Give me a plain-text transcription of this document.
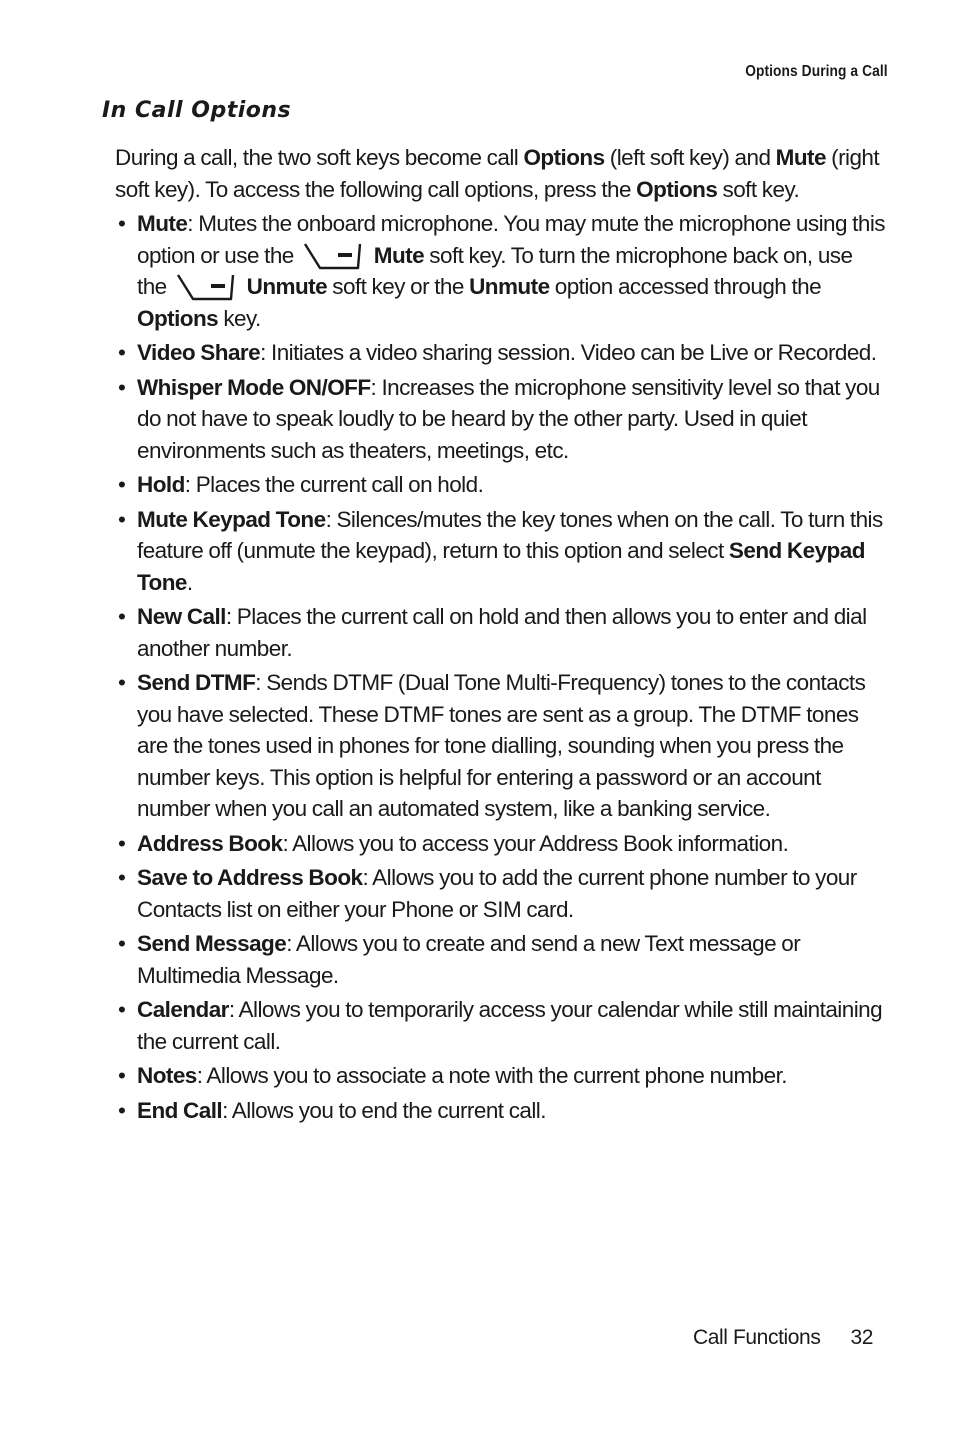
Options During a Call
In Call Options

During a call, the two soft keys become call Options (left soft key) and Mute (right soft key). To access the following call options, press the Options soft key.

• Mute: Mutes the onboard microphone. You may mute the microphone using this option or use the	Mute soft key. To turn the microphone back on, use the	Unmute soft key or the Unmute option accessed through the Options key.
• Video Share: Initiates a video sharing session. Video can be Live or Recorded.
• Whisper Mode ON/OFF: Increases the microphone sensitivity level so that you do not have to speak loudly to be heard by the other party. Used in quiet environments such as theaters, meetings, etc.
• Hold: Places the current call on hold.
• Mute Keypad Tone: Silences/mutes the key tones when on the call. To turn this feature off (unmute the keypad), return to this option and select Send Keypad Tone.
• New Call: Places the current call on hold and then allows you to enter and dial another number.
• Send DTMF: Sends DTMF (Dual Tone Multi-Frequency) tones to the contacts you have selected. These DTMF tones are sent as a group. The DTMF tones are the tones used in phones for tone dialling, sounding when you press the number keys. This option is helpful for entering a password or an account number when you call an automated system, like a banking service.
• Address Book: Allows you to access your Address Book information.
• Save to Address Book: Allows you to add the current phone number to your Contacts list on either your Phone or SIM card.
• Send Message: Allows you to create and send a new Text message or Multimedia Message.
• Calendar: Allows you to temporarily access your calendar while still maintaining the current call.
• Notes: Allows you to associate a note with the current phone number.
• End Call: Allows you to end the current call.
Call Functions 32
